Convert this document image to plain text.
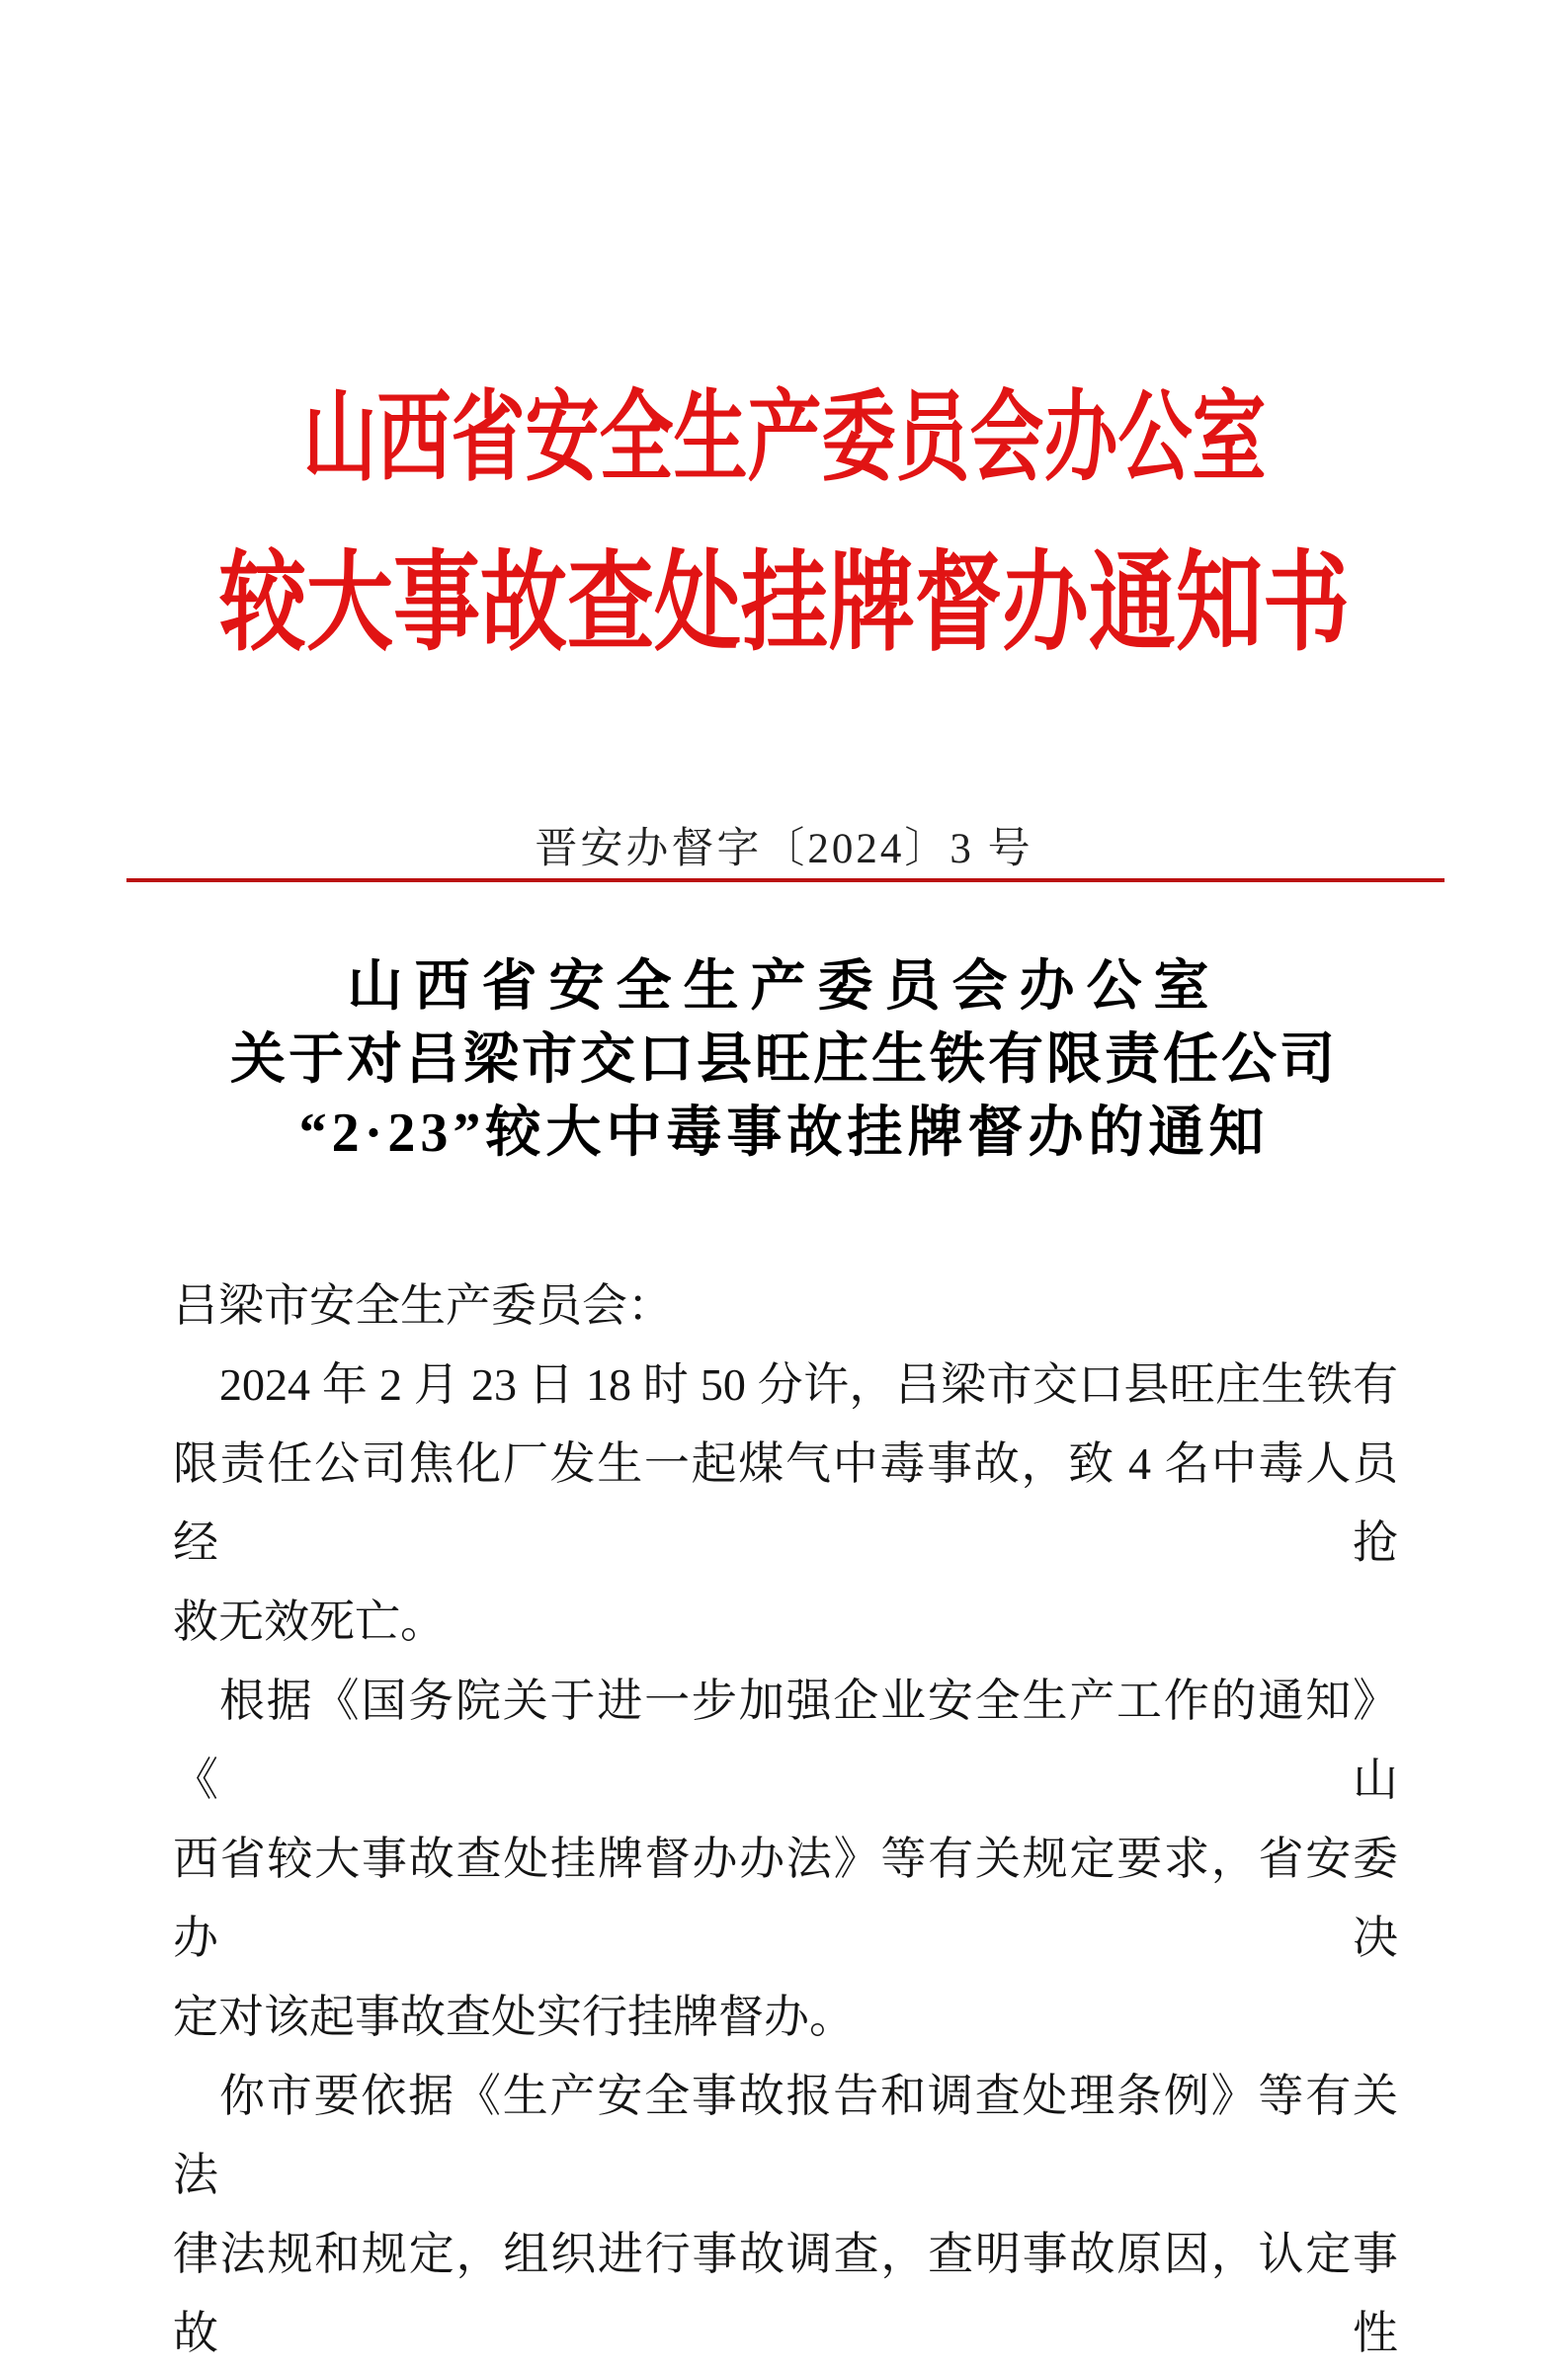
山西省安全生产委员会办公室
较大事故查处挂牌督办通知书
晋安办督字〔2024〕3 号
山西省安全生产委员会办公室
关于对吕梁市交口县旺庄生铁有限责任公司
“2·23”较大中毒事故挂牌督办的通知
吕梁市安全生产委员会：
2024 年 2 月 23 日 18 时 50 分许，吕梁市交口县旺庄生铁有
限责任公司焦化厂发生一起煤气中毒事故，致 4 名中毒人员经抢
救无效死亡。
根据《国务院关于进一步加强企业安全生产工作的通知》《山
西省较大事故查处挂牌督办办法》等有关规定要求，省安委办决
定对该起事故查处实行挂牌督办。
你市要依据《生产安全事故报告和调查处理条例》等有关法
律法规和规定，组织进行事故调查，查明事故原因，认定事故性
